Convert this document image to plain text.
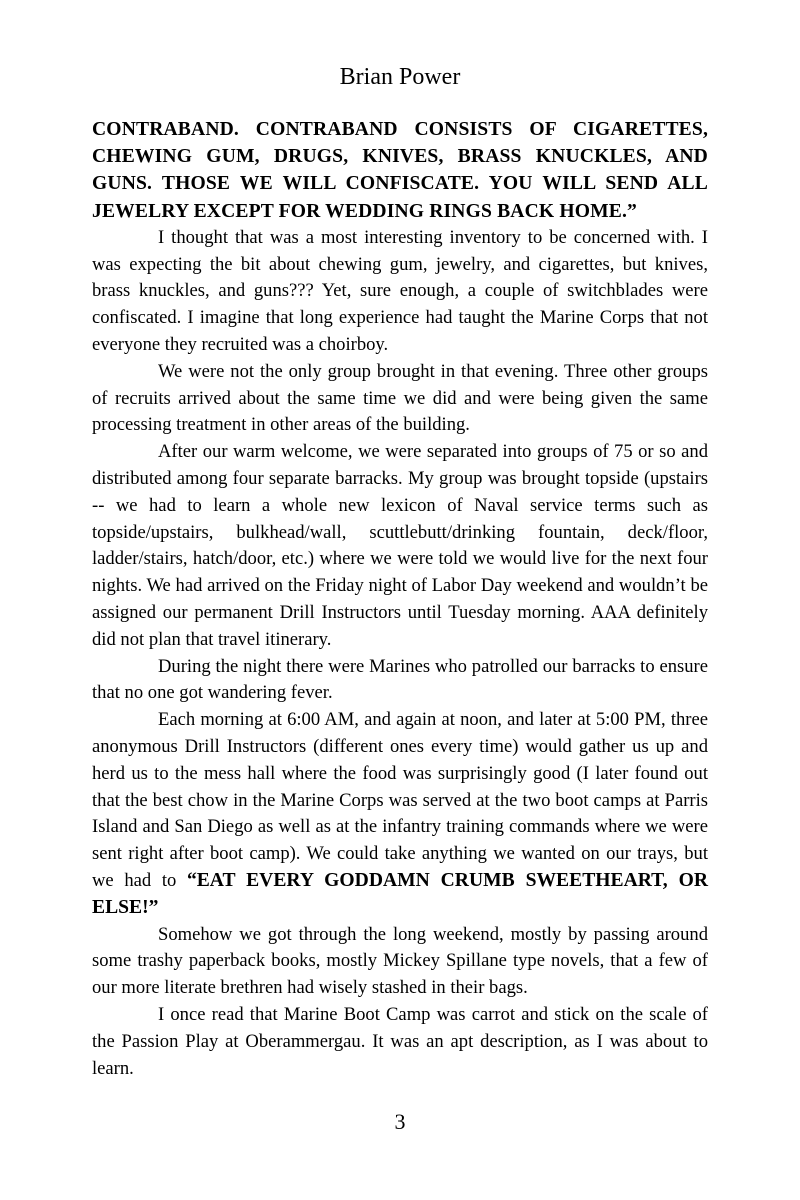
Brian Power

CONTRABAND. CONTRABAND CONSISTS OF CIGARETTES, CHEWING GUM, DRUGS, KNIVES, BRASS KNUCKLES, AND GUNS. THOSE WE WILL CONFISCATE. YOU WILL SEND ALL JEWELRY EXCEPT FOR WEDDING RINGS BACK HOME.”

I thought that was a most interesting inventory to be concerned with. I was expecting the bit about chewing gum, jewelry, and cigarettes, but knives, brass knuckles, and guns??? Yet, sure enough, a couple of switchblades were confiscated. I imagine that long experience had taught the Marine Corps that not everyone they recruited was a choirboy.

We were not the only group brought in that evening. Three other groups of recruits arrived about the same time we did and were being given the same processing treatment in other areas of the building.

After our warm welcome, we were separated into groups of 75 or so and distributed among four separate barracks. My group was brought topside (upstairs -- we had to learn a whole new lexicon of Naval service terms such as topside/upstairs, bulkhead/wall, scuttlebutt/drinking fountain, deck/floor, ladder/stairs, hatch/door, etc.) where we were told we would live for the next four nights. We had arrived on the Friday night of Labor Day weekend and wouldn’t be assigned our permanent Drill Instructors until Tuesday morning. AAA definitely did not plan that travel itinerary.

During the night there were Marines who patrolled our barracks to ensure that no one got wandering fever.

Each morning at 6:00 AM, and again at noon, and later at 5:00 PM, three anonymous Drill Instructors (different ones every time) would gather us up and herd us to the mess hall where the food was surprisingly good (I later found out that the best chow in the Marine Corps was served at the two boot camps at Parris Island and San Diego as well as at the infantry training commands where we were sent right after boot camp). We could take anything we wanted on our trays, but we had to “EAT EVERY GODDAMN CRUMB SWEETHEART, OR ELSE!”

Somehow we got through the long weekend, mostly by passing around some trashy paperback books, mostly Mickey Spillane type novels, that a few of our more literate brethren had wisely stashed in their bags.

I once read that Marine Boot Camp was carrot and stick on the scale of the Passion Play at Oberammergau. It was an apt description, as I was about to learn.

3
